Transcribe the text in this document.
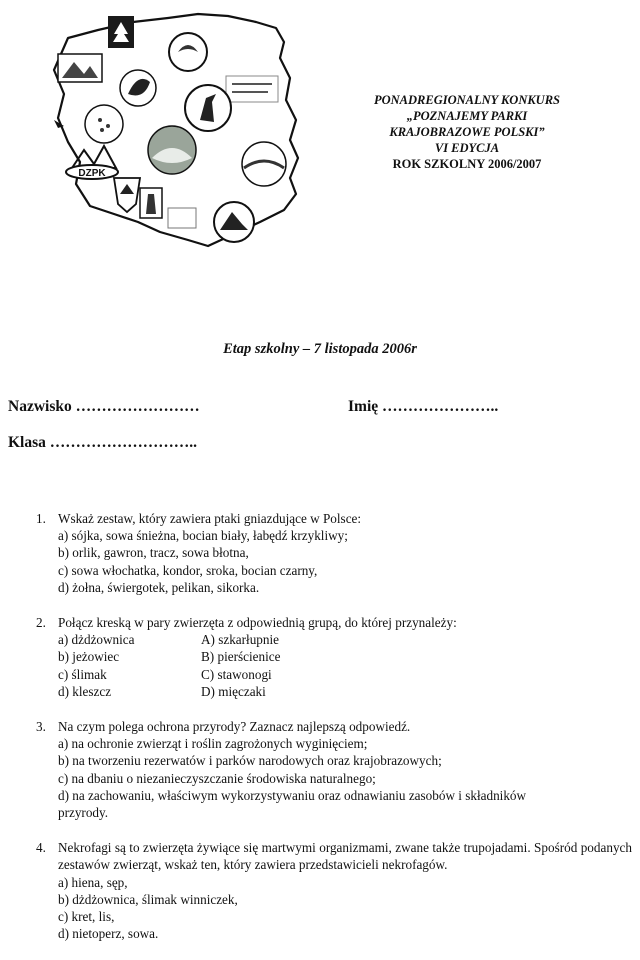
DZPK
PONADREGIONALNY KONKURS
„POZNAJEMY PARKI
KRAJOBRAZOWE POLSKI”
VI EDYCJA
ROK SZKOLNY 2006/2007
Etap szkolny – 7 listopada 2006r
Nazwisko ……………………	Imię …………………..
Klasa ………………………..
1. Wskaż zestaw, który zawiera ptaki gniazdujące w Polsce:
a) sójka, sowa śnieżna, bocian biały, łabędź krzykliwy;
b) orlik, gawron, tracz, sowa błotna,
c) sowa włochatka, kondor, sroka, bocian czarny,
d) żołna, świergotek, pelikan, sikorka.
2. Połącz kreską w pary zwierzęta z odpowiednią grupą, do której przynależy:
a) dżdżownica	A) szkarłupnie
b) jeżowiec	B) pierścienice
c) ślimak	C) stawonogi
d) kleszcz	D) mięczaki
3. Na czym polega ochrona przyrody? Zaznacz najlepszą odpowiedź.
a) na ochronie zwierząt i roślin zagrożonych wyginięciem;
b) na tworzeniu rezerwatów i parków narodowych oraz krajobrazowych;
c) na dbaniu o niezanieczyszczanie środowiska naturalnego;
d) na zachowaniu, właściwym wykorzystywaniu oraz odnawianiu zasobów i składników przyrody.
4. Nekrofagi są to zwierzęta żywiące się martwymi organizmami, zwane także trupojadami. Spośród podanych zestawów zwierząt, wskaż ten, który zawiera przedstawicieli nekrofagów.
a) hiena, sęp,
b) dżdżownica, ślimak winniczek,
c) kret, lis,
d) nietoperz, sowa.
